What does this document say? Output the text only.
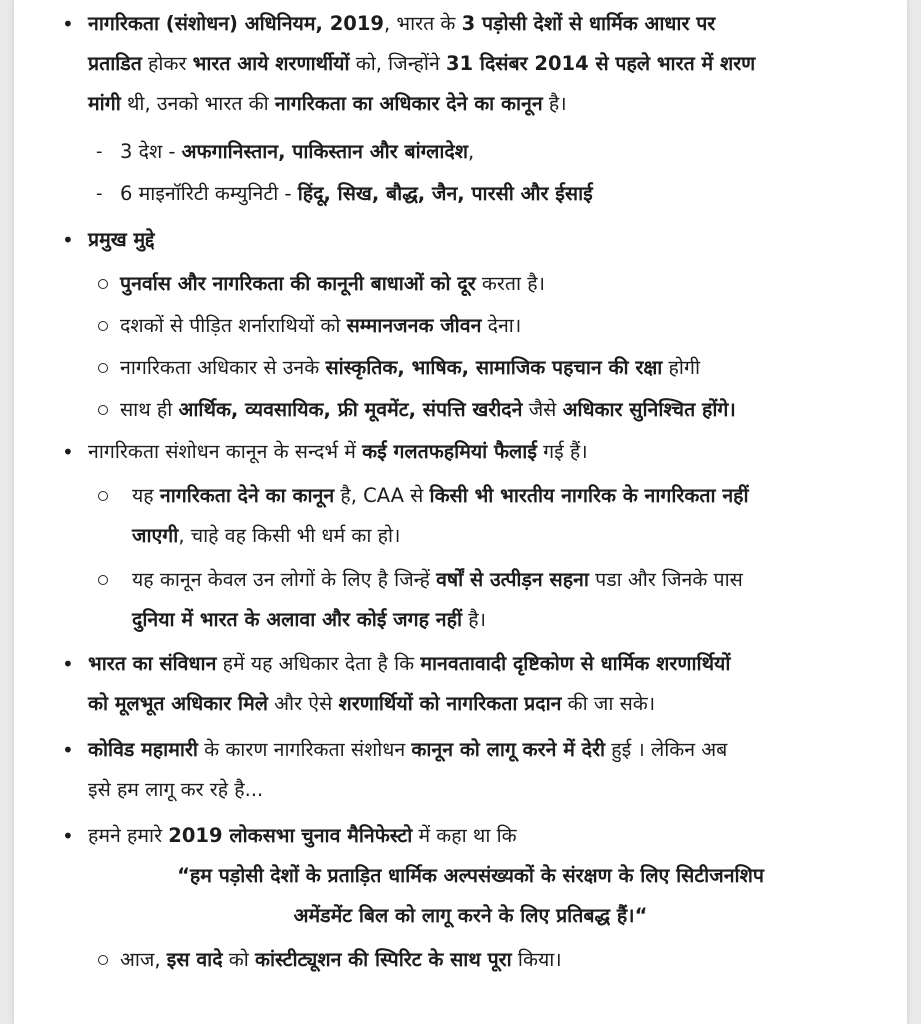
• नागरिकता (संशोधन) अधिनियम, 2019, भारत के 3 पड़ोसी देशों से धार्मिक आधार पर
प्रताडित होकर भारत आये शरणार्थीयों को, जिन्होंने 31 दिसंबर 2014 से पहले भारत में शरण
मांगी थी, उनको भारत की नागरिकता का अधिकार देने का कानून है।
- 3 देश - अफगानिस्तान, पाकिस्तान और बांग्लादेश,
- 6 माइनॉरिटी कम्युनिटी - हिंदू, सिख, बौद्ध, जैन, पारसी और ईसाई
• प्रमुख मुद्दे
पुनर्वास और नागरिकता की कानूनी बाधाओं को दूर करता है।
दशकों से पीड़ित शर्नाराथियों को सम्मानजनक जीवन देना।
नागरिकता अधिकार से उनके सांस्कृतिक, भाषिक, सामाजिक पहचान की रक्षा होगी
साथ ही आर्थिक, व्यवसायिक, फ्री मूवमेंट, संपत्ति खरीदने जैसे अधिकार सुनिश्चित होंगे।
• नागरिकता संशोधन कानून के सन्दर्भ में कई गलतफहमियां फैलाई गई हैं।
यह नागरिकता देने का कानून है, CAA से किसी भी भारतीय नागरिक के नागरिकता नहीं
जाएगी, चाहे वह किसी भी धर्म का हो।
यह कानून केवल उन लोगों के लिए है जिन्हें वर्षों से उत्पीड़न सहना पडा और जिनके पास
दुनिया में भारत के अलावा और कोई जगह नहीं है।
• भारत का संविधान हमें यह अधिकार देता है कि मानवतावादी दृष्टिकोण से धार्मिक शरणार्थियों
को मूलभूत अधिकार मिले और ऐसे शरणार्थियों को नागरिकता प्रदान की जा सके।
• कोविड महामारी के कारण नागरिकता संशोधन कानून को लागू करने में देरी हुई । लेकिन अब
इसे हम लागू कर रहे है...
• हमने हमारे 2019 लोकसभा चुनाव मैनिफेस्टो में कहा था कि
“हम पड़ोसी देशों के प्रताड़ित धार्मिक अल्पसंख्यकों के संरक्षण के लिए सिटीजनशिप
अमेंडमेंट बिल को लागू करने के लिए प्रतिबद्ध हैं।“
आज, इस वादे को कांस्टीट्यूशन की स्पिरिट के साथ पूरा किया।
